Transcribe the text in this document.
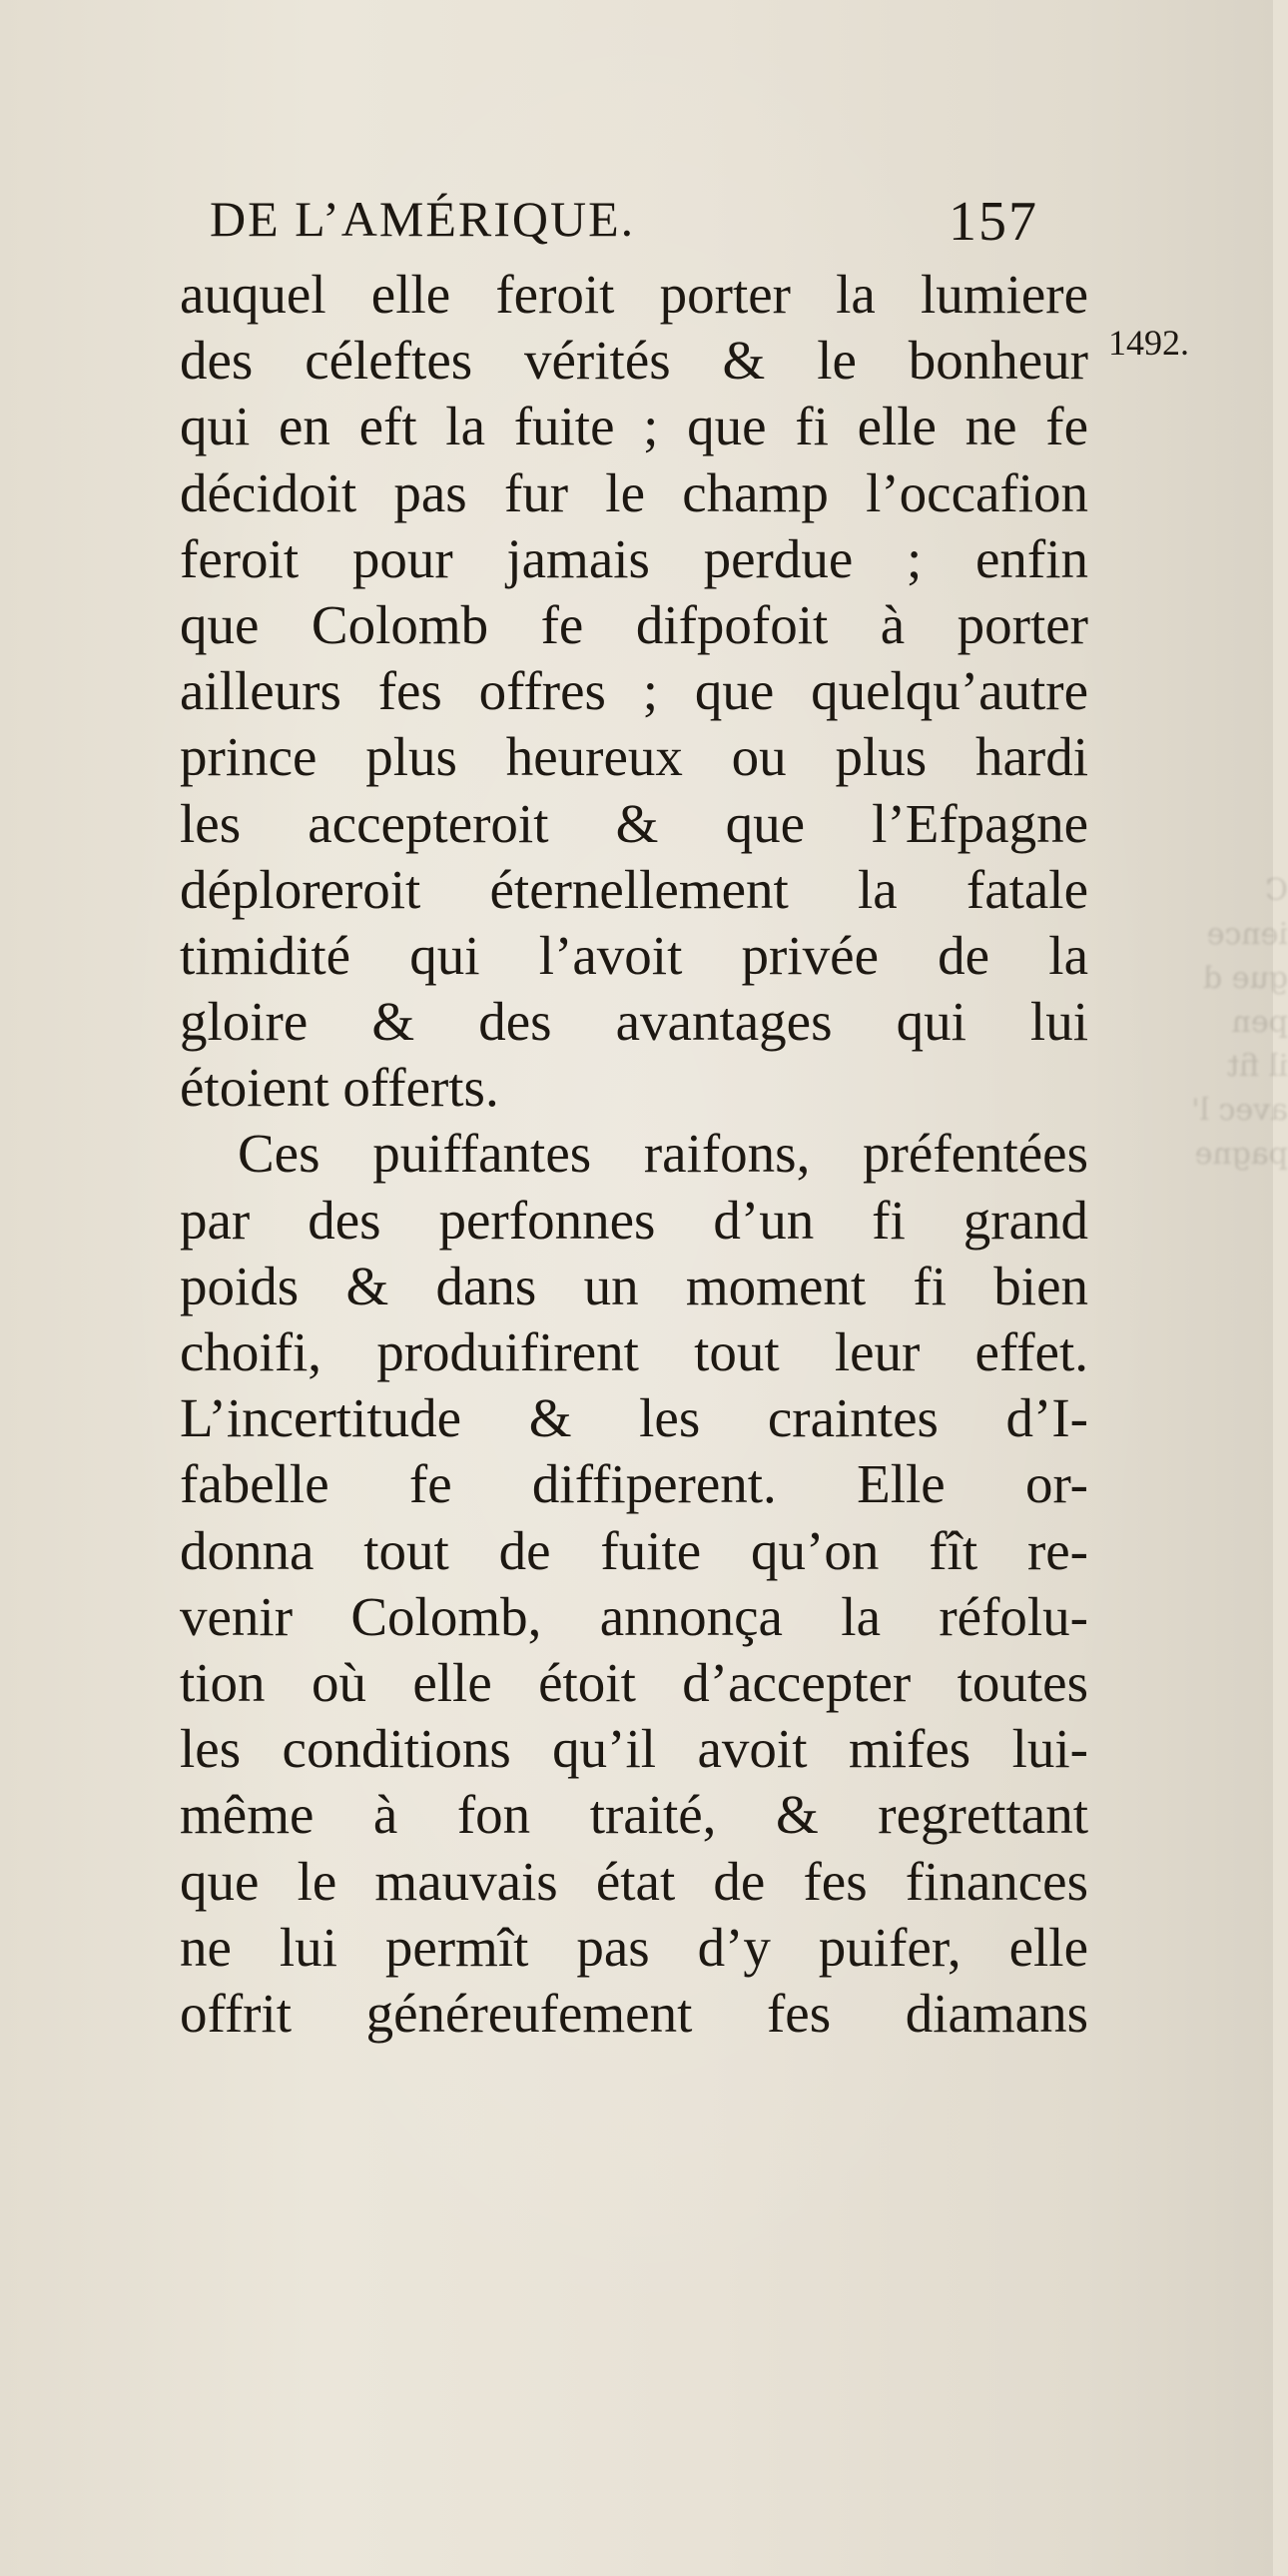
C
ience
gue d
pen
il fit
avec l'
pagne
DE L’AMÉRIQUE.	157
1492.
auquel elle feroit porter la lumiere
des céleftes vérités & le bonheur
qui en eft la fuite ; que fi elle ne fe
décidoit pas fur le champ l’occafion
feroit pour jamais perdue ; enfin
que Colomb fe difpofoit à porter
ailleurs fes offres ; que quelqu’autre
prince plus heureux ou plus hardi
les accepteroit & que l’Efpagne
déploreroit éternellement la fatale
timidité qui l’avoit privée de la
gloire & des avantages qui lui
étoient offerts.
Ces puiffantes raifons, préfentées
par des perfonnes d’un fi grand
poids & dans un moment fi bien
choifi, produifirent tout leur effet.
L’incertitude & les craintes d’I-
fabelle fe diffiperent. Elle or-
donna tout de fuite qu’on fît re-
venir Colomb, annonça la réfolu-
tion où elle étoit d’accepter toutes
les conditions qu’il avoit mifes lui-
même à fon traité, & regrettant
que le mauvais état de fes finances
ne lui permît pas d’y puifer, elle
offrit généreufement fes diamans
